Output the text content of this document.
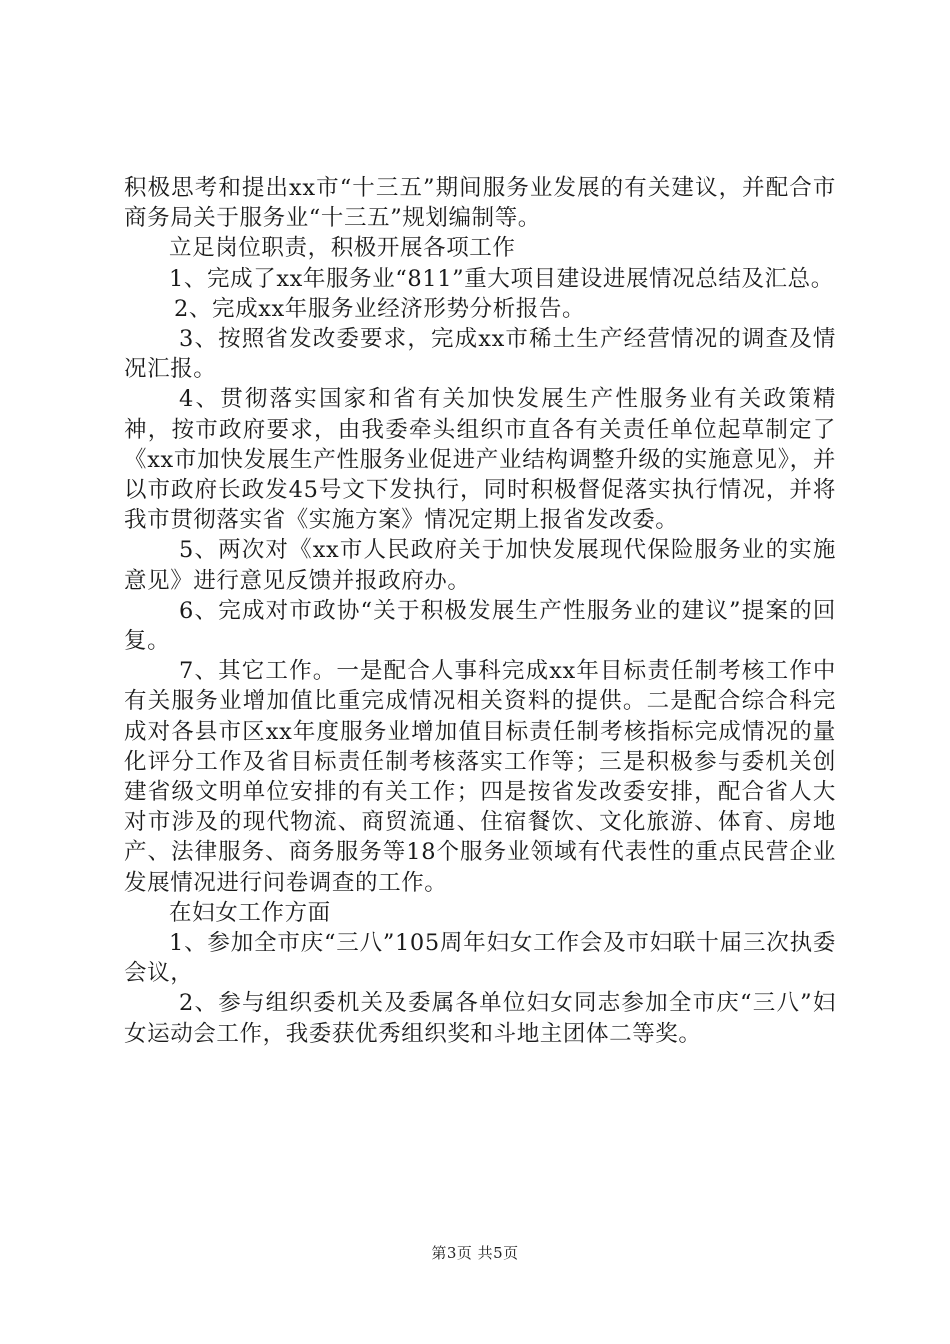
积极思考和提出xx市“十三五”期间服务业发展的有关建议，并配合市商务局关于服务业“十三五”规划编制等。

立足岗位职责，积极开展各项工作

1、完成了xx年服务业“811”重大项目建设进展情况总结及汇总。

2、完成xx年服务业经济形势分析报告。

3、按照省发改委要求，完成xx市稀土生产经营情况的调查及情况汇报。

4、贯彻落实国家和省有关加快发展生产性服务业有关政策精神，按市政府要求，由我委牵头组织市直各有关责任单位起草制定了《xx市加快发展生产性服务业促进产业结构调整升级的实施意见》，并以市政府长政发45号文下发执行，同时积极督促落实执行情况，并将我市贯彻落实省《实施方案》情况定期上报省发改委。

5、两次对《xx市人民政府关于加快发展现代保险服务业的实施意见》进行意见反馈并报政府办。

6、完成对市政协“关于积极发展生产性服务业的建议”提案的回复。

7、其它工作。一是配合人事科完成xx年目标责任制考核工作中有关服务业增加值比重完成情况相关资料的提供。二是配合综合科完成对各县市区xx年度服务业增加值目标责任制考核指标完成情况的量化评分工作及省目标责任制考核落实工作等；三是积极参与委机关创建省级文明单位安排的有关工作；四是按省发改委安排，配合省人大对市涉及的现代物流、商贸流通、住宿餐饮、文化旅游、体育、房地产、法律服务、商务服务等18个服务业领域有代表性的重点民营企业发展情况进行问卷调查的工作。

在妇女工作方面

1、参加全市庆“三八”105周年妇女工作会及市妇联十届三次执委会议，

2、参与组织委机关及委属各单位妇女同志参加全市庆“三八”妇女运动会工作，我委获优秀组织奖和斗地主团体二等奖。

第3页 共5页
